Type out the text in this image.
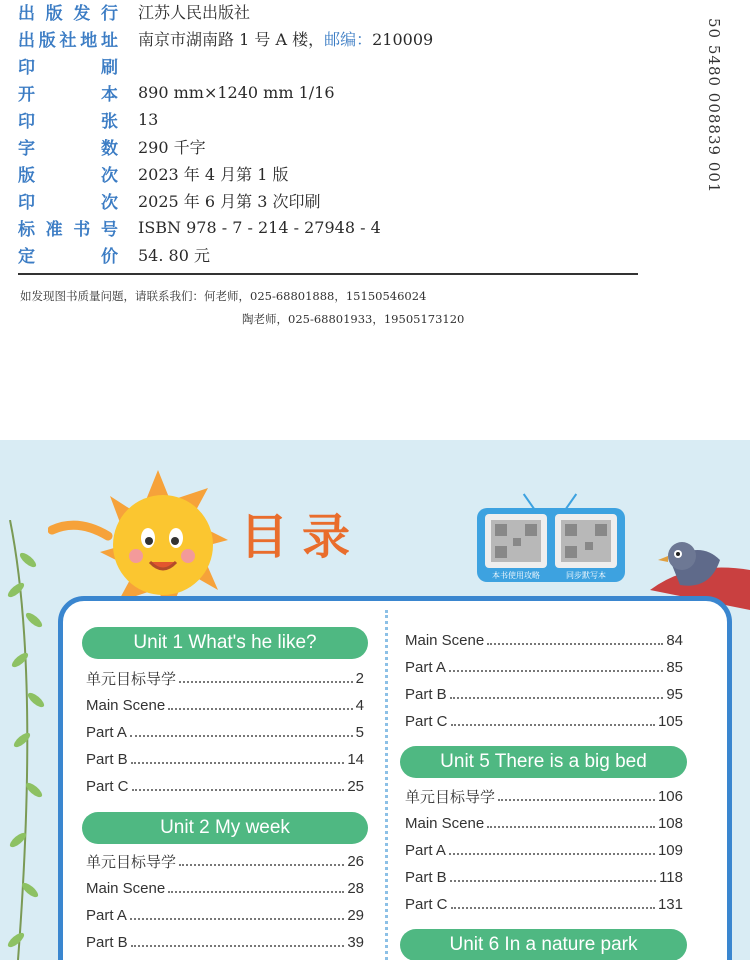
出 版 发 行 江苏人民出版社
出 版 社 地 址 南京市湖南路 1 号 A 楼，邮编：210009
印	刷
开	本 890 mm×1240 mm 1/16
印	张 13
字	数 290 千字
版	次 2023 年 4 月第 1 版
印	次 2025 年 6 月第 3 次印刷
标 准 书 号 ISBN 978 - 7 - 214 - 27948 - 4
定	价 54. 80 元
如发现图书质量问题，请联系我们：何老师，025-68801888，15150546024
陶老师，025-68801933，19505173120
50 5480 008839 001
目录
本书使用攻略	同步默写本
Unit 1 What's he like?
单元目标导学	2
Main Scene	4
Part A	5
Part B	14
Part C	25
Unit 2 My week
单元目标导学	26
Main Scene	28
Part A	29
Part B	39
Main Scene	84
Part A	85
Part B	95
Part C	105
Unit 5 There is a big bed
单元目标导学	106
Main Scene	108
Part A	109
Part B	118
Part C	131
Unit 6 In a nature park
